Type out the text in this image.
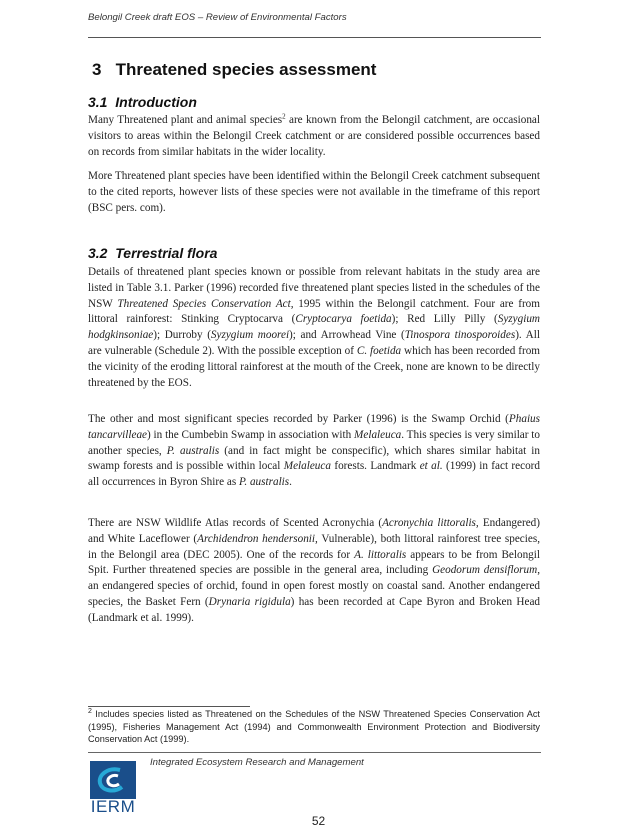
Belongil Creek draft EOS – Review of Environmental Factors
3 Threatened species assessment
3.1 Introduction

Many Threatened plant and animal species$^2$ are known from the Belongil catchment, are occasional visitors to areas within the Belongil Creek catchment or are considered possible occurrences based on records from similar habitats in the wider locality.

More Threatened plant species have been identified within the Belongil Creek catchment subsequent to the cited reports, however lists of these species were not available in the timeframe of this report (BSC pers. com).

3.2 Terrestrial flora

Details of threatened plant species known or possible from relevant habitats in the study area are listed in Table 3.1. Parker (1996) recorded five threatened plant species listed in the schedules of the NSW Threatened Species Conservation Act, 1995 within the Belongil catchment. Four are from littoral rainforest: Stinking Cryptocarva (Cryptocarya foetida); Red Lilly Pilly (Syzygium hodgkinsoniae); Durroby (Syzygium moorei); and Arrowhead Vine (Tinospora tinosporoides). All are vulnerable (Schedule 2). With the possible exception of C. foetida which has been recorded from the vicinity of the eroding littoral rainforest at the mouth of the Creek, none are known to be directly threatened by the EOS.

The other and most significant species recorded by Parker (1996) is the Swamp Orchid (Phaius tancarvilleae) in the Cumbebin Swamp in association with Melaleuca. This species is very similar to another species, P. australis (and in fact might be conspecific), which shares similar habitat in swamp forests and is possible within local Melaleuca forests. Landmark et al. (1999) in fact record all occurrences in Byron Shire as P. australis.

There are NSW Wildlife Atlas records of Scented Acronychia (Acronychia littoralis, Endangered) and White Laceflower (Archidendron hendersonii, Vulnerable), both littoral rainforest tree species, in the Belongil area (DEC 2005). One of the records for A. littoralis appears to be from Belongil Spit. Further threatened species are possible in the general area, including Geodorum densiflorum, an endangered species of orchid, found in open forest mostly on coastal sand. Another endangered species, the Basket Fern (Drynaria rigidula) has been recorded at Cape Byron and Broken Head (Landmark et al. 1999).

$^2$ Includes species listed as Threatened on the Schedules of the NSW Threatened Species Conservation Act (1995), Fisheries Management Act (1994) and Commonwealth Environment Protection and Biodiversity Conservation Act (1999).

Integrated Ecosystem Research and Management
IERM
52
